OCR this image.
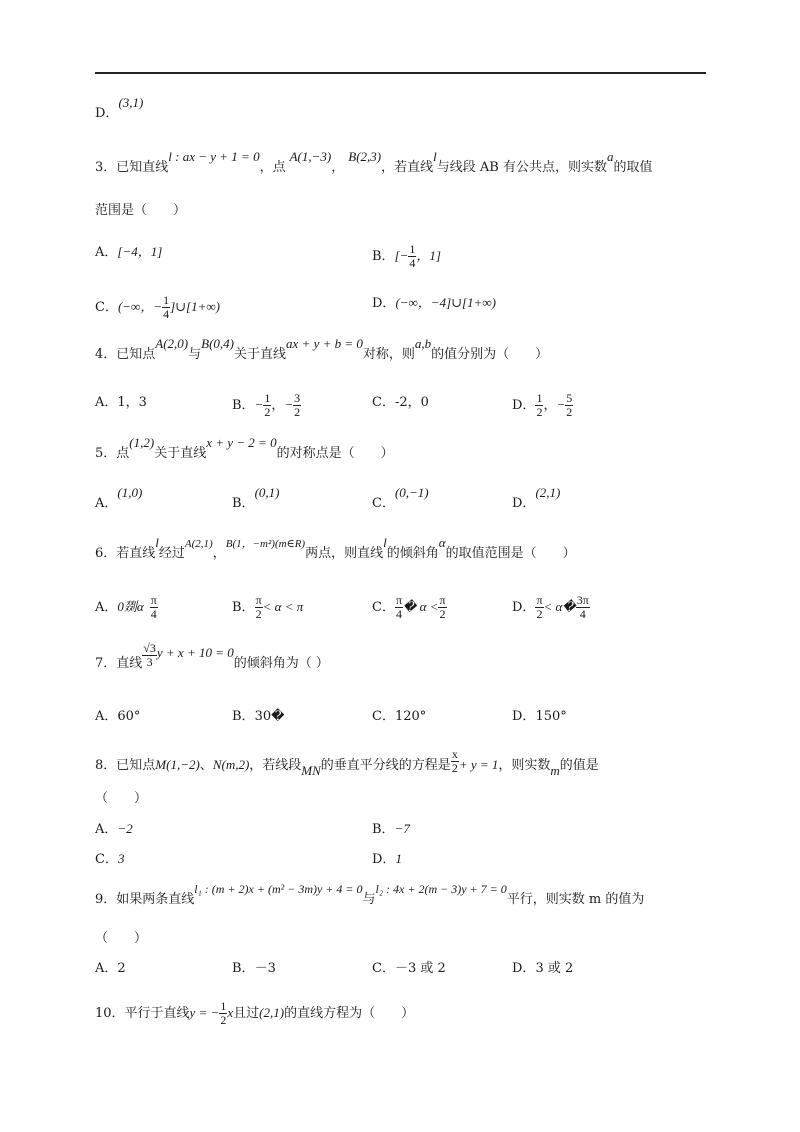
D．(3,1)
3．已知直线l : ax − y + 1 = 0，点A(1,−3)，B(2,3)，若直线l与线段 AB 有公共点，则实数a的取值
范围是（　　）
A．[−4，1]	B．[− $\frac{1}{4}$ ，1]
C．(−∞，− $\frac{1}{4}$ ]∪[1+∞)	D．(−∞，−4]∪[1+∞)
4．已知点A(2,0)与B(0,4)关于直线ax + y + b = 0对称，则a,b的值分别为（　　）
A．1，3	B．− $\frac{1}{2}$ ，− $\frac{3}{2}$	C．-2，0	D． $\frac{1}{2}$ ，− $\frac{5}{2}$
5．点(1,2)关于直线x + y − 2 = 0的对称点是（　　）
A．(1,0)
B．(0,1)
C．(0,−1)
D．(2,1)
6．若直线l经过$^{A(2,1)}$，$^{B(1,-m^2)(m\in R)}$两点，则直线l的倾斜角α的取值范围是（　　）
A．0剟α $\frac{\pi}{4}$	B． $\frac{\pi}{2} < \alpha < \pi$	C． $\frac{\pi}{4}$ � $\alpha < \frac{\pi}{2}$	D． $\frac{\pi}{2}$ < α� $\frac{3\pi}{4}$
7．直线 $\frac{√3}{3}$ y + x + 10 = 0的倾斜角为（ ）
A．60°	B．30�	C．120°	D．150°
8．已知点M(1,−2)、N(m,2)，若线段MN的垂直平分线的方程是 $\frac{x}{2} + y = 1$，则实数m的值是
（　　）
A．−2	B．−7
C．3	D．1
9．如果两条直线l₁ : (m + 2)x + (m² − 3m)y + 4 = 0与l₂ : 4x + 2(m − 3)y + 7 = 0平行，则实数 m 的值为
（　　）
A．2	B．－3	C．－3 或 2	D．3 或 2
10．平行于直线y = − $\frac{1}{2}$ x且过(2,1)的直线方程为（　　）
